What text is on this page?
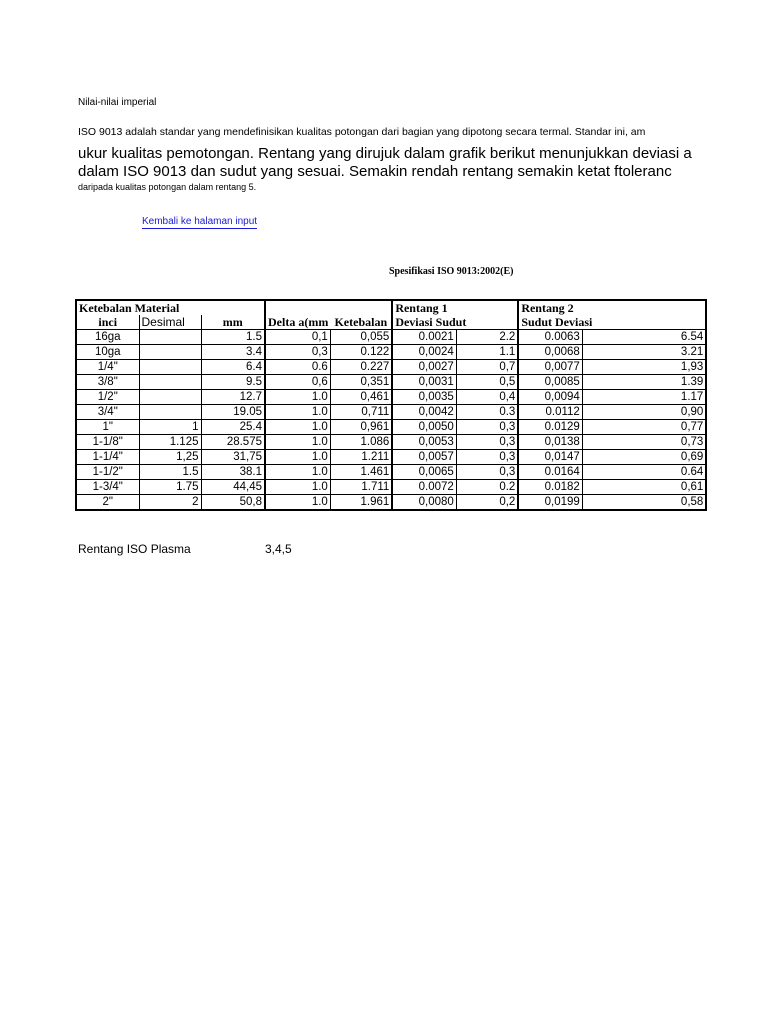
Nilai-nilai imperial
ISO 9013 adalah standar yang mendefinisikan kualitas potongan dari bagian yang dipotong secara termal. Standar ini, am
ukur kualitas pemotongan. Rentang yang dirujuk dalam grafik berikut menunjukkan deviasi a
dalam ISO 9013 dan sudut yang sesuai. Semakin rendah rentang semakin ketat ftoleranc
daripada kualitas potongan dalam rentang 5.
Kembali ke halaman input
Spesifikasi ISO 9013:2002(E)
Ketebalan Material					Rentang 1		Rentang 2	
inci	Desimal	mm	Delta a(mm	Ketebalan	Deviasi Sudut		Sudut Deviasi	
16ga		1.5	0,1	0,055	0.0021	2.2	0.0063	6.54
10ga		3.4	0,3	0.122	0,0024	1.1	0,0068	3.21
1/4"		6.4	0.6	0.227	0,0027	0,7	0,0077	1,93
3/8"		9.5	0,6	0,351	0,0031	0,5	0,0085	1.39
1/2"		12.7	1.0	0,461	0,0035	0,4	0,0094	1.17
3/4"		19.05	1.0	0,711	0,0042	0.3	0.0112	0,90
1"	1	25.4	1.0	0,961	0,0050	0,3	0.0129	0,77
1-1/8"	1.125	28.575	1.0	1.086	0,0053	0,3	0,0138	0,73
1-1/4"	1,25	31,75	1.0	1.211	0,0057	0,3	0,0147	0,69
1-1/2"	1.5	38.1	1.0	1.461	0,0065	0,3	0.0164	0.64
1-3/4"	1.75	44,45	1.0	1.711	0.0072	0.2	0.0182	0,61
2"	2	50,8	1.0	1.961	0,0080	0,2	0,0199	0,58
Rentang ISO Plasma	3,4,5
